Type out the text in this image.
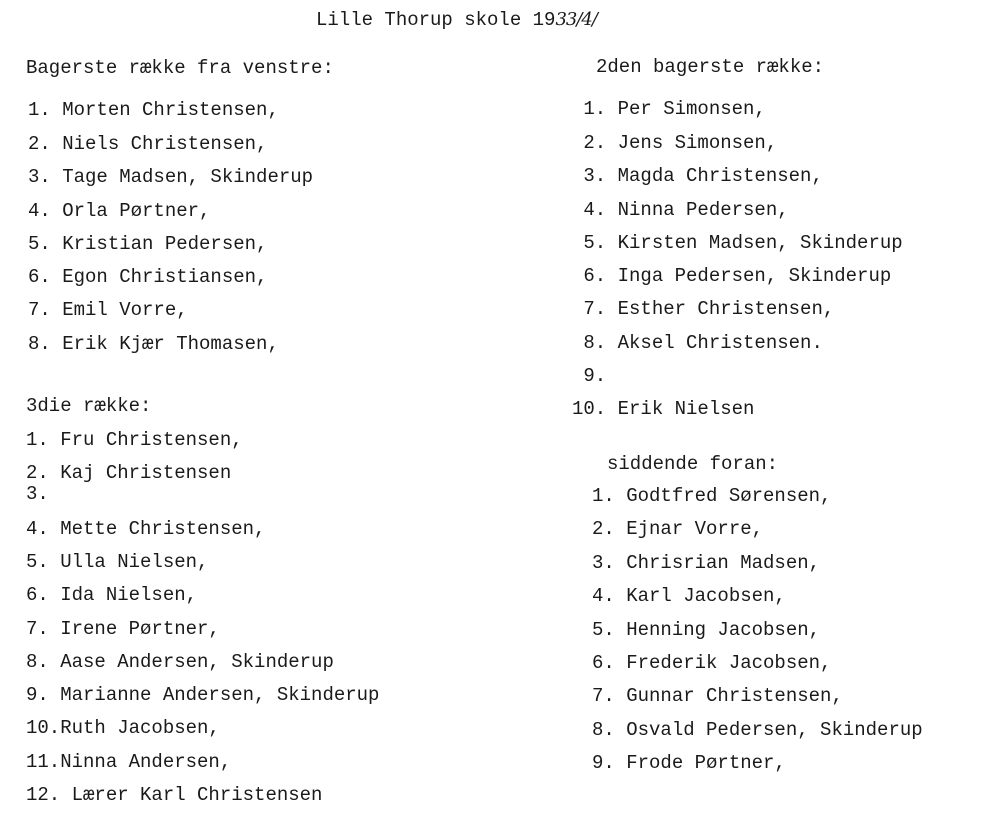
Lille Thorup skole 1933/4/
Bagerste række fra venstre:
1. Morten Christensen,
2. Niels Christensen,
3. Tage Madsen, Skinderup
4. Orla Pørtner,
5. Kristian Pedersen,
6. Egon Christiansen,
7. Emil Vorre,
8. Erik Kjær Thomasen,
3die række:
1. Fru Christensen,
2. Kaj Christensen
3.
4. Mette Christensen,
5. Ulla Nielsen,
6. Ida Nielsen,
7. Irene Pørtner,
8. Aase Andersen, Skinderup
9. Marianne Andersen, Skinderup
10.Ruth Jacobsen,
11.Ninna Andersen,
12. Lærer Karl Christensen
2den bagerste række:
1. Per Simonsen,
2. Jens Simonsen,
3. Magda Christensen,
4. Ninna Pedersen,
5. Kirsten Madsen, Skinderup
6. Inga Pedersen, Skinderup
7. Esther Christensen,
8. Aksel Christensen.
9.
10. Erik Nielsen
siddende foran:
1. Godtfred Sørensen,
2. Ejnar Vorre,
3. Chrisrian Madsen,
4. Karl Jacobsen,
5. Henning Jacobsen,
6. Frederik Jacobsen,
7. Gunnar Christensen,
8. Osvald Pedersen, Skinderup
9. Frode Pørtner,
